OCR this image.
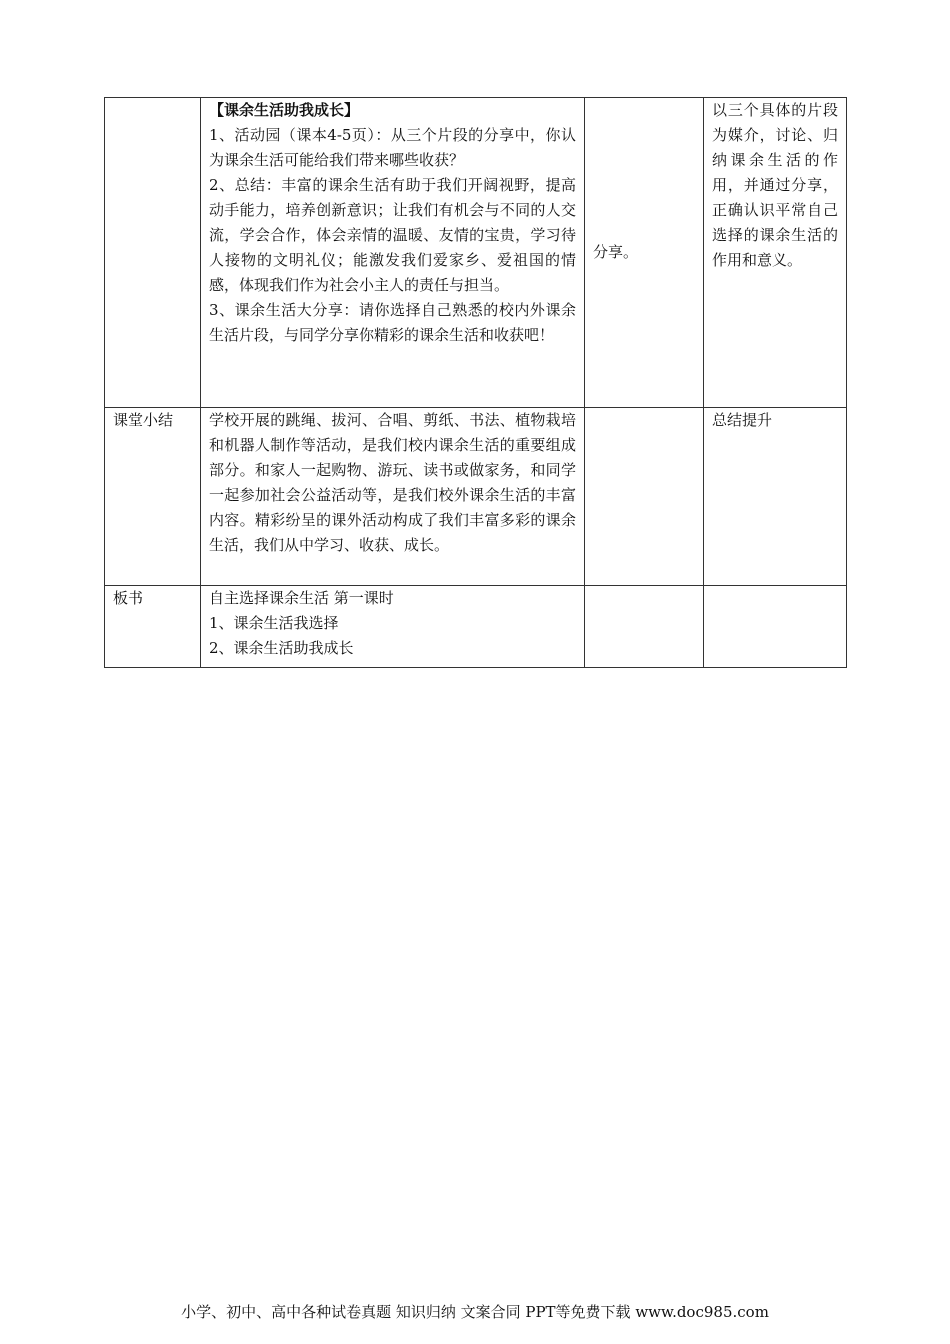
	【课余生活助我成长】
1、活动园（课本4-5页）：从三个片段的分享中，你认为课余生活可能给我们带来哪些收获？
2、总结：丰富的课余生活有助于我们开阔视野，提高动手能力，培养创新意识；让我们有机会与不同的人交流，学会合作，体会亲情的温暖、友情的宝贵，学习待人接物的文明礼仪；能激发我们爱家乡、爱祖国的情感，体现我们作为社会小主人的责任与担当。
3、课余生活大分享：请你选择自己熟悉的校内外课余生活片段，与同学分享你精彩的课余生活和收获吧！	分享。	以三个具体的片段为媒介，讨论、归纳课余生活的作用，并通过分享，正确认识平常自己选择的课余生活的作用和意义。
课堂小结	学校开展的跳绳、拔河、合唱、剪纸、书法、植物栽培和机器人制作等活动，是我们校内课余生活的重要组成部分。和家人一起购物、游玩、读书或做家务，和同学一起参加社会公益活动等，是我们校外课余生活的丰富内容。精彩纷呈的课外活动构成了我们丰富多彩的课余生活，我们从中学习、收获、成长。		总结提升
板书	自主选择课余生活 第一课时
1、课余生活我选择
2、课余生活助我成长		

小学、初中、高中各种试卷真题 知识归纳 文案合同 PPT等免费下载 www.doc985.com
